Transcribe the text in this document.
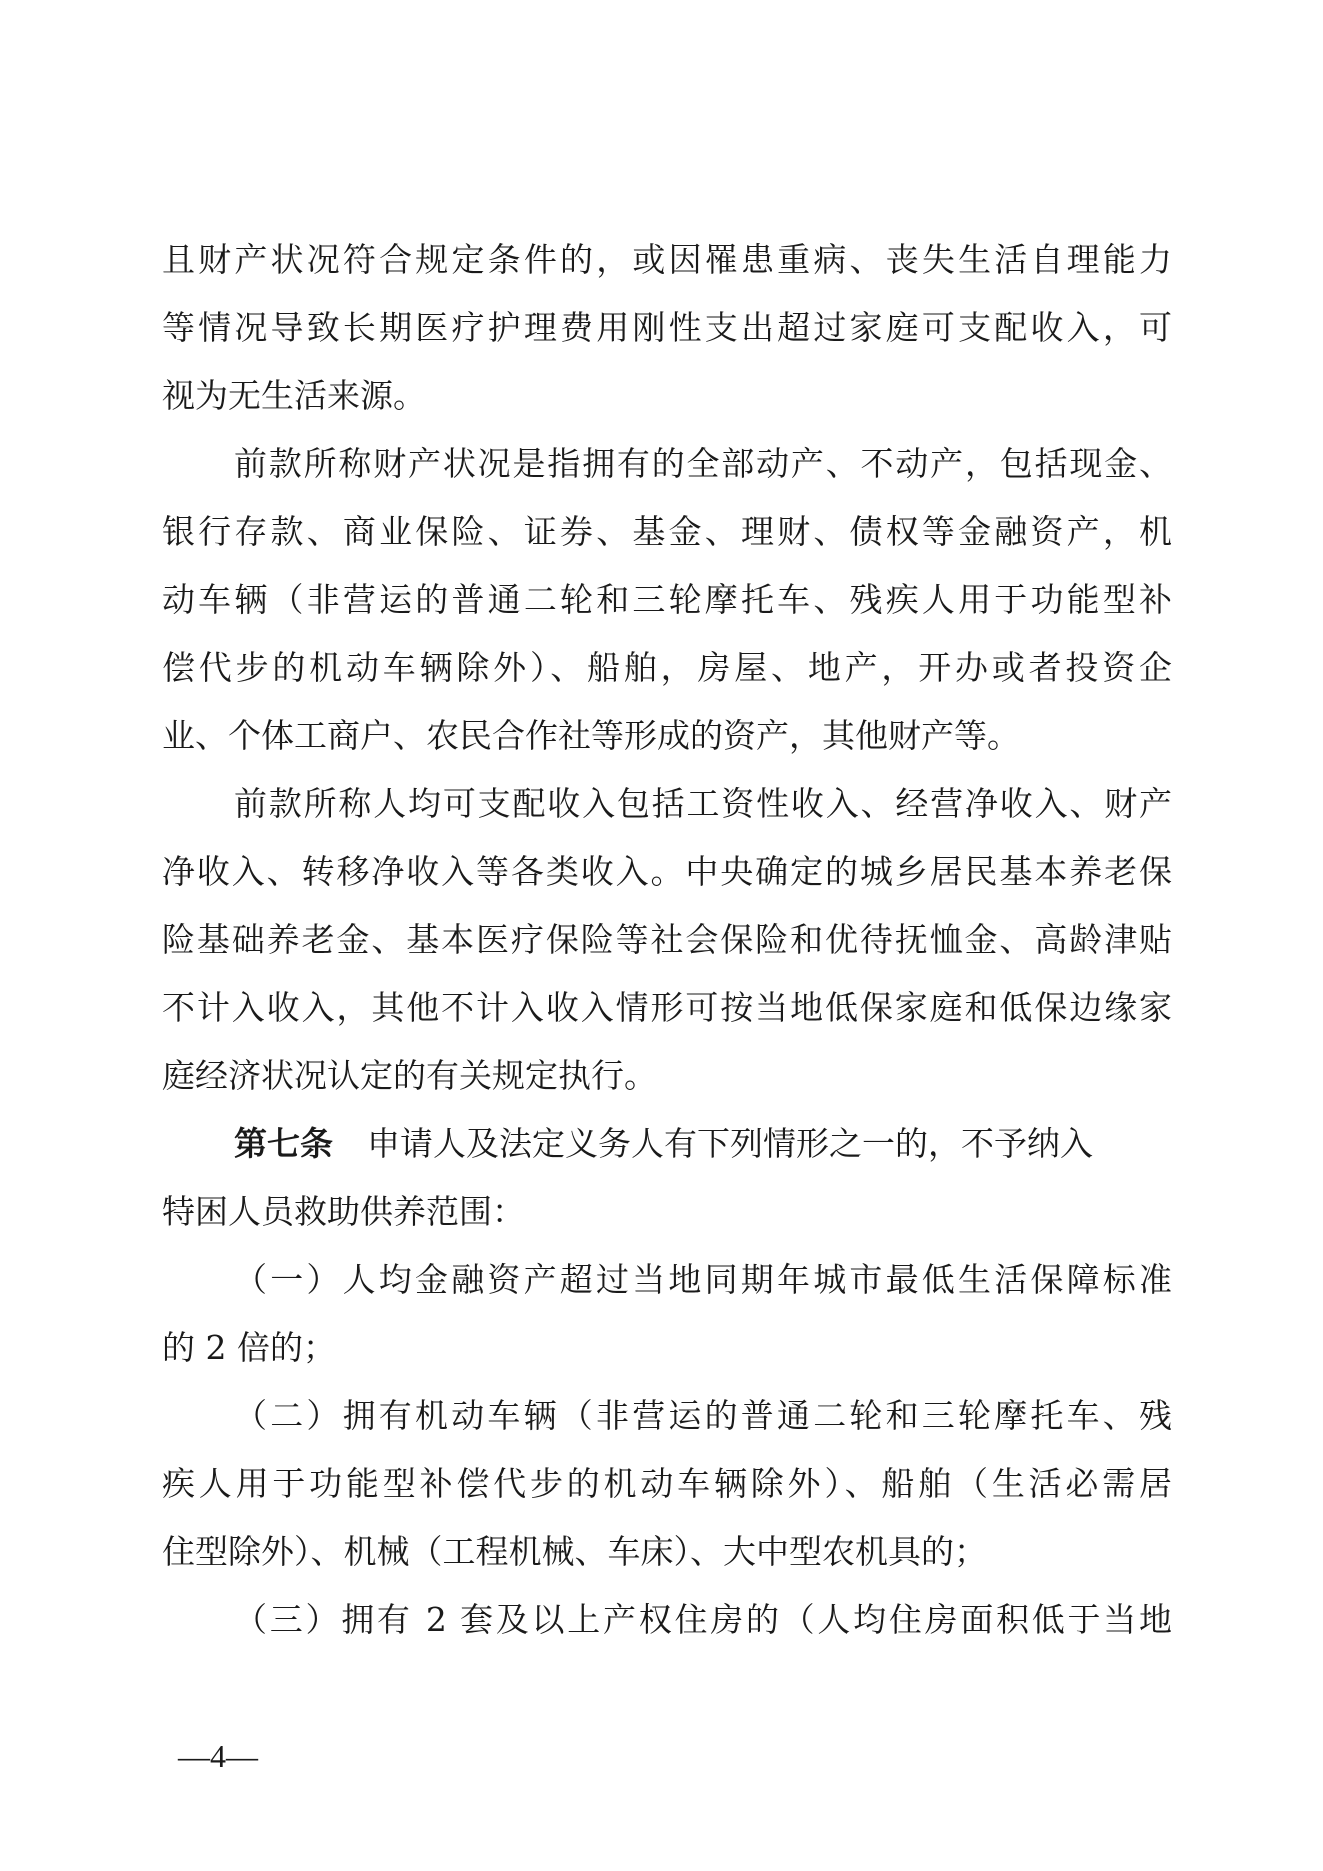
且财产状况符合规定条件的，或因罹患重病、丧失生活自理能力
等情况导致长期医疗护理费用刚性支出超过家庭可支配收入，可
视为无生活来源。
前款所称财产状况是指拥有的全部动产、不动产，包括现金、
银行存款、商业保险、证券、基金、理财、债权等金融资产，机
动车辆（非营运的普通二轮和三轮摩托车、残疾人用于功能型补
偿代步的机动车辆除外）、船舶，房屋、地产，开办或者投资企
业、个体工商户、农民合作社等形成的资产，其他财产等。
前款所称人均可支配收入包括工资性收入、经营净收入、财产
净收入、转移净收入等各类收入。中央确定的城乡居民基本养老保
险基础养老金、基本医疗保险等社会保险和优待抚恤金、高龄津贴
不计入收入，其他不计入收入情形可按当地低保家庭和低保边缘家
庭经济状况认定的有关规定执行。
第七条 申请人及法定义务人有下列情形之一的，不予纳入
特困人员救助供养范围：
（一）人均金融资产超过当地同期年城市最低生活保障标准
的 2 倍的；
（二）拥有机动车辆（非营运的普通二轮和三轮摩托车、残
疾人用于功能型补偿代步的机动车辆除外）、船舶（生活必需居
住型除外）、机械（工程机械、车床）、大中型农机具的；
（三）拥有 2 套及以上产权住房的（人均住房面积低于当地
—4—
